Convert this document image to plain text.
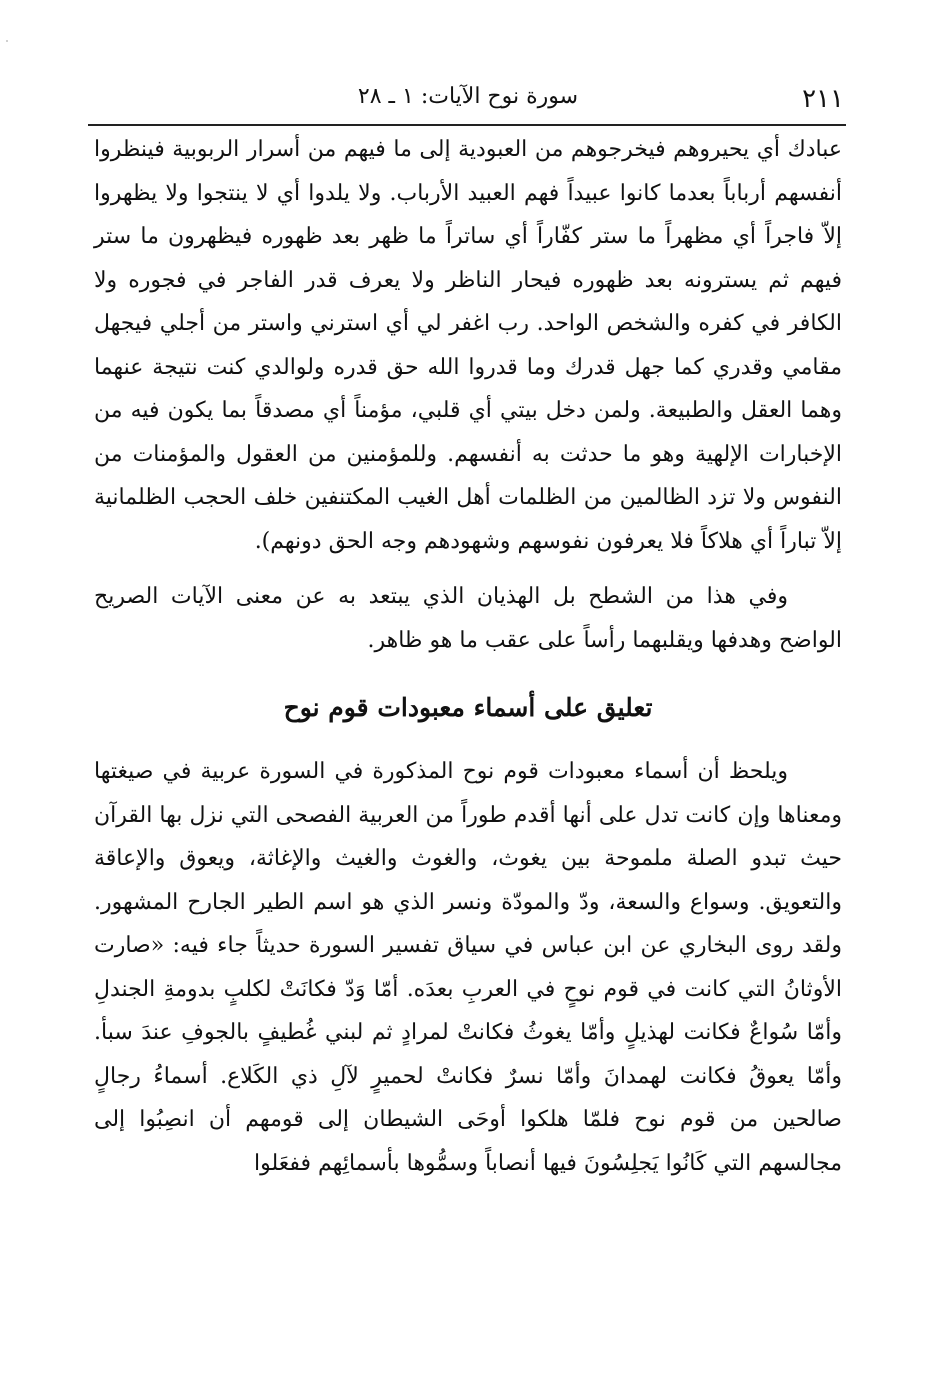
٢١١
سورة نوح الآيات: ١ ـ ٢٨

عبادك أي يحيروهم فيخرجوهم من العبودية إلى ما فيهم من أسرار الربوبية فينظروا أنفسهم أرباباً بعدما كانوا عبيداً فهم العبيد الأرباب. ولا يلدوا أي لا ينتجوا ولا يظهروا إلاّ فاجراً أي مظهراً ما ستر كفّاراً أي ساتراً ما ظهر بعد ظهوره فيظهرون ما ستر فيهم ثم يسترونه بعد ظهوره فيحار الناظر ولا يعرف قدر الفاجر في فجوره ولا الكافر في كفره والشخص الواحد. رب اغفر لي أي استرني واستر من أجلي فيجهل مقامي وقدري كما جهل قدرك وما قدروا الله حق قدره ولوالدي كنت نتيجة عنهما وهما العقل والطبيعة. ولمن دخل بيتي أي قلبي، مؤمناً أي مصدقاً بما يكون فيه من الإخبارات الإلهية وهو ما حدثت به أنفسهم. وللمؤمنين من العقول والمؤمنات من النفوس ولا تزد الظالمين من الظلمات أهل الغيب المكتنفين خلف الحجب الظلمانية إلاّ تباراً أي هلاكاً فلا يعرفون نفوسهم وشهودهم وجه الحق دونهم).

وفي هذا من الشطح بل الهذيان الذي يبتعد به عن معنى الآيات الصريح الواضح وهدفها ويقلبهما رأساً على عقب ما هو ظاهر.

تعليق على أسماء معبودات قوم نوح

ويلحظ أن أسماء معبودات قوم نوح المذكورة في السورة عربية في صيغتها ومعناها وإن كانت تدل على أنها أقدم طوراً من العربية الفصحى التي نزل بها القرآن حيث تبدو الصلة ملموحة بين يغوث، والغوث والغيث والإغاثة، ويعوق والإعاقة والتعويق. وسواع والسعة، ودّ والمودّة ونسر الذي هو اسم الطير الجارح المشهور. ولقد روى البخاري عن ابن عباس في سياق تفسير السورة حديثاً جاء فيه: «صارت الأوثانُ التي كانت في قوم نوحٍ في العربِ بعدَه. أمّا وَدّ فكانَتْ لكلبٍ بدومةِ الجندلِ وأمّا سُواعٌ فكانت لهذيلٍ وأمّا يغوثُ فكانتْ لمرادٍ ثم لبني غُطيفٍ بالجوفِ عندَ سبأ. وأمّا يعوقُ فكانت لهمدانَ وأمّا نسرٌ فكانتْ لحميرٍ لآلِ ذي الكَلاع. أسماءُ رجالٍ صالحين من قوم نوح فلمّا هلكوا أوحَى الشيطان إلى قومهم أن انصِبُوا إلى مجالسهم التي كَانُوا يَجلِسُونَ فيها أنصاباً وسمُّوها بأسمائِهم ففعَلوا
